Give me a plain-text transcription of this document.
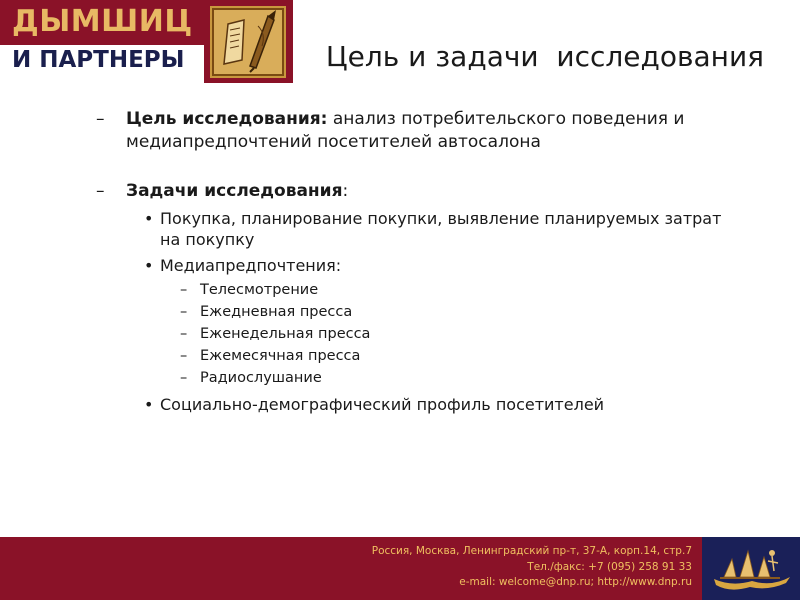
ДЫМШИЦ
И ПАРТНЕРЫ	Цель и задачи  исследования
– Цель исследования: анализ потребительского поведения и медиапредпочтений посетителей автосалона
– Задачи исследования:
• Покупка, планирование покупки, выявление планируемых затрат на покупку
• Медиапредпочтения:
– Телесмотрение
– Ежедневная пресса
– Еженедельная пресса
– Ежемесячная пресса
– Радиослушание
• Социально-демографический профиль посетителей
Россия, Москва, Ленинградский пр-т, 37-А, корп.14, стр.7
Тел./факс: +7 (095) 258 91 33
e-mail: welcome@dnp.ru; http://www.dnp.ru
